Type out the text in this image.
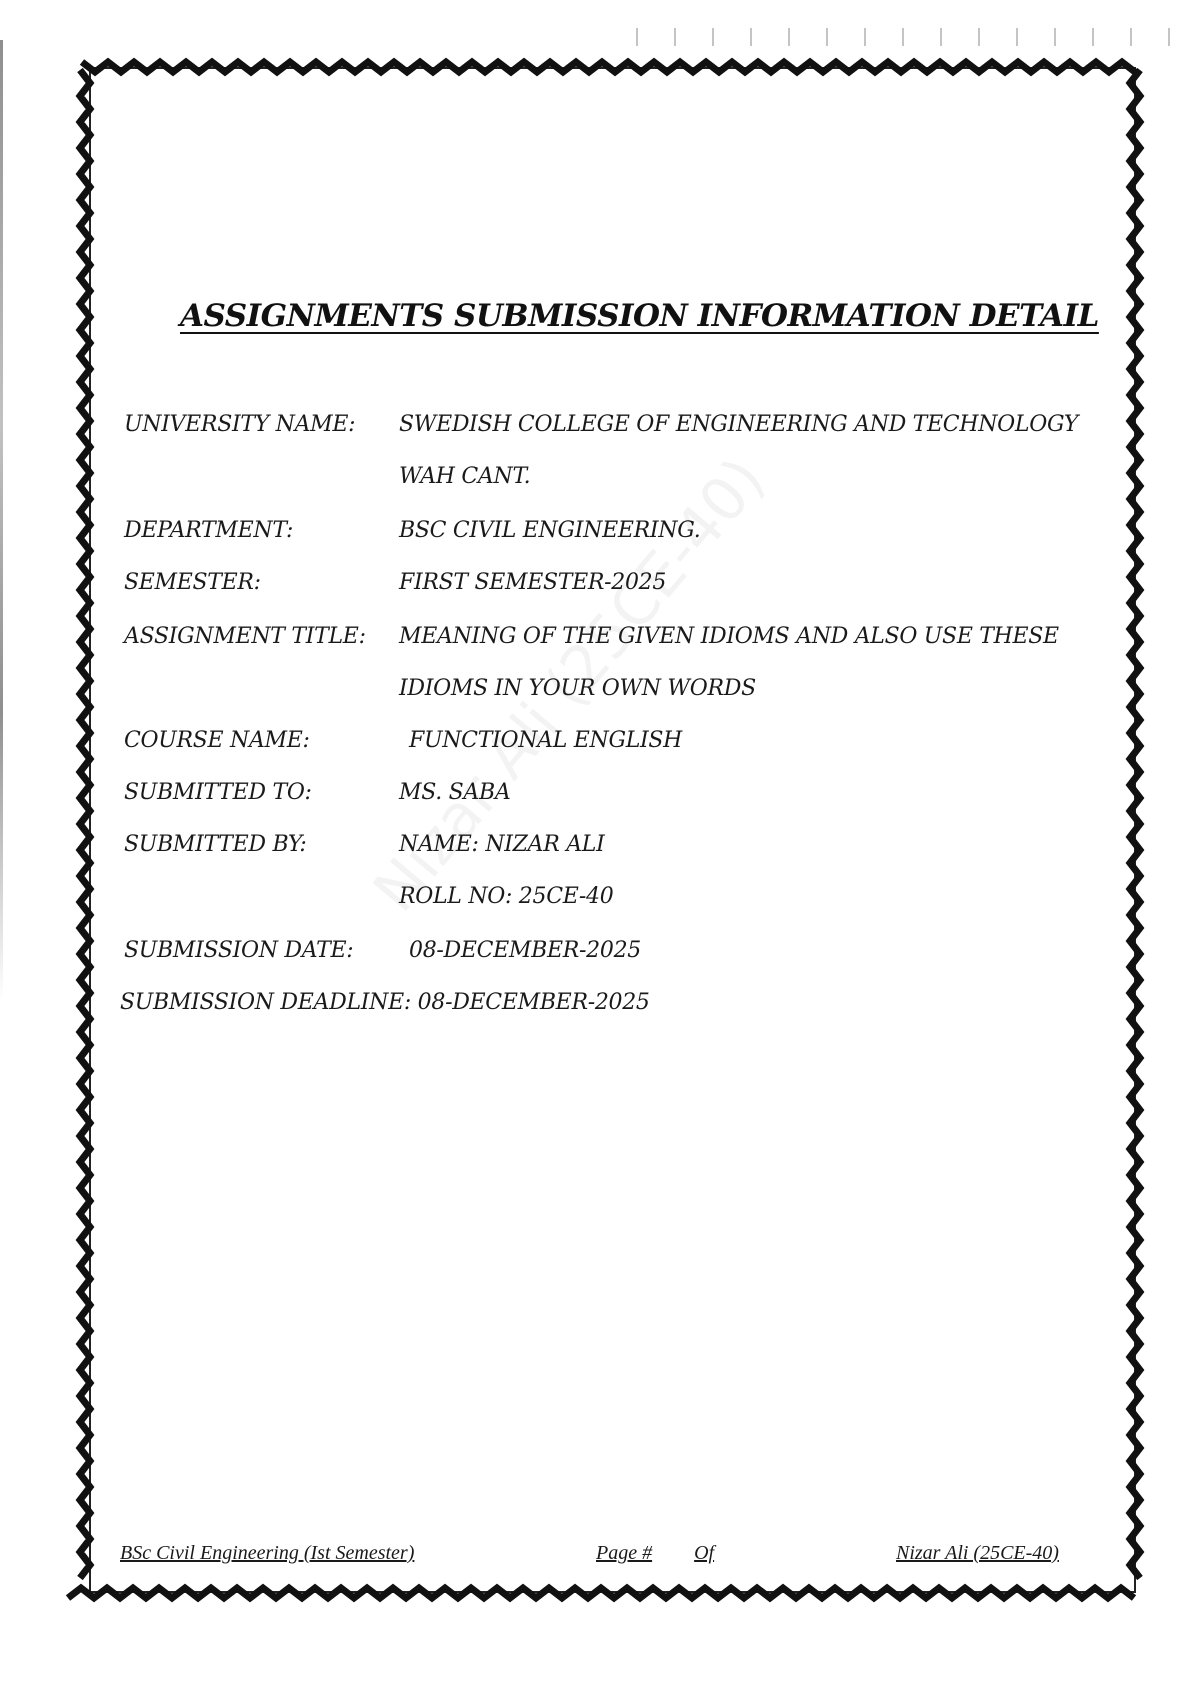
ASSIGNMENTS SUBMISSION INFORMATION DETAIL
UNIVERSITY NAME: SWEDISH COLLEGE OF ENGINEERING AND TECHNOLOGY
WAH CANT.
DEPARTMENT:	BSC CIVIL ENGINEERING.
SEMESTER:	FIRST SEMESTER-2025
ASSIGNMENT TITLE: MEANING OF THE GIVEN IDIOMS AND ALSO USE THESE
IDIOMS IN YOUR OWN WORDS
COURSE NAME:	FUNCTIONAL ENGLISH
SUBMITTED TO:	MS. SABA
SUBMITTED BY:	NAME: NIZAR ALI
ROLL NO: 25CE-40
SUBMISSION DATE:	08-DECEMBER-2025
SUBMISSION DEADLINE: 08-DECEMBER-2025
BSc Civil Engineering (Ist Semester)	Page # Of	Nizar Ali (25CE-40)
